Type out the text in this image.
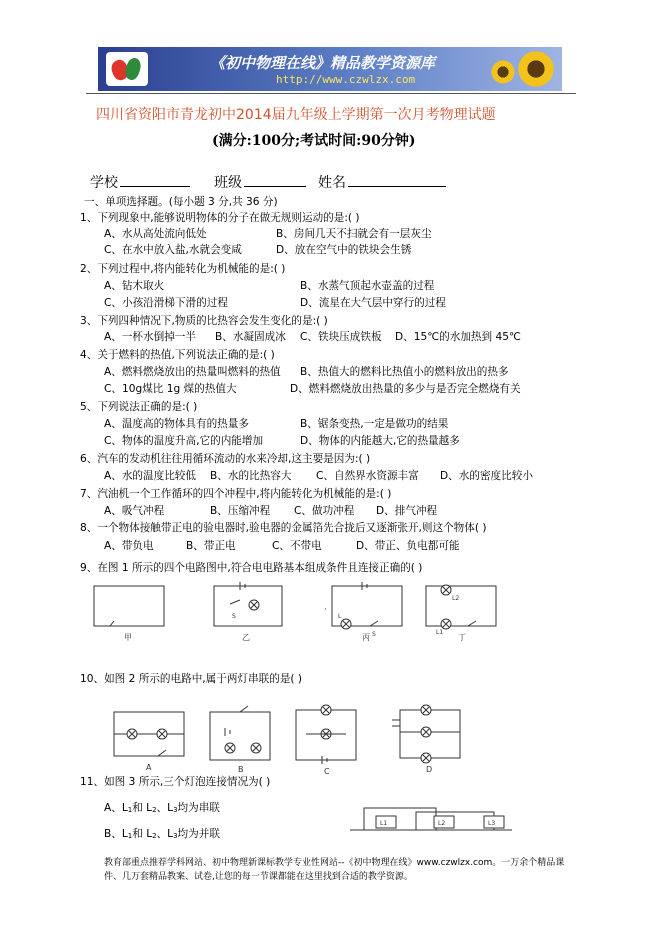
《初中物理在线》精品教学资源库
http://www.czwlzx.com
四川省资阳市青龙初中2014届九年级上学期第一次月考物理试题
(满分:100分;考试时间:90分钟)
学校	班级	姓名
一、单项选择题。(每小题 3 分,共 36 分)
1、下列现象中,能够说明物体的分子在做无规则运动的是:( )
A、水从高处流向低处	B、房间几天不扫就会有一层灰尘
C、在水中放入盐,水就会变咸	D、放在空气中的铁块会生锈
2、下列过程中,将内能转化为机械能的是:( )
A、钻木取火	B、水蒸气顶起水壶盖的过程
C、小孩沿滑梯下滑的过程	D、流星在大气层中穿行的过程
3、下列四种情况下,物质的比热容会发生变化的是:( )
A、一杯水倒掉一半 B、水凝固成冰 C、铁块压成铁板 D、15℃的水加热到 45℃
4、关于燃料的热值,下列说法正确的是:( )
A、燃料燃烧放出的热量叫燃料的热值 B、热值大的燃料比热值小的燃料放出的热多
C、10g煤比 1g 煤的热值大	D、燃料燃烧放出热量的多少与是否完全燃烧有关
5、下列说法正确的是:( )
A、温度高的物体具有的热量多	B、锯条变热,一定是做功的结果
C、物体的温度升高,它的内能增加	D、物体的内能越大,它的热量越多
6、汽车的发动机往往用循环流动的水来冷却,这主要是因为:( )
A、水的温度比较低 B、水的比热容大 C、自然界水资源丰富 D、水的密度比较小
7、汽油机一个工作循环的四个冲程中,将内能转化为机械能的是:( )
A、吸气冲程	B、压缩冲程 C、做功冲程 D、排气冲程
8、一个物体接触带正电的验电器时,验电器的金属箔先合拢后又逐渐张开,则这个物体( )
A、带负电	B、带正电	C、不带电	D、带正、负电都可能
9、在图 1 所示的四个电路图中,符合电电路基本组成条件且连接正确的( )
·
S
S
L
L2
L1
甲	乙	丙	丁
10、如图 2 所示的电路中,属于两灯串联的是( )
A	B	C	D
11、如图 3 所示,三个灯泡连接情况为( )
A、L1和 L2、L3均为串联
B、L1和 L2、L3均为并联
L1	L2	L3
教育部重点推荐学科网站、初中物理新课标教学专业性网站--《初中物理在线》www.czwlzx.com。一万余个精品课
件、几万套精品教案、试卷,让您的每一节课都能在这里找到合适的教学资源。
